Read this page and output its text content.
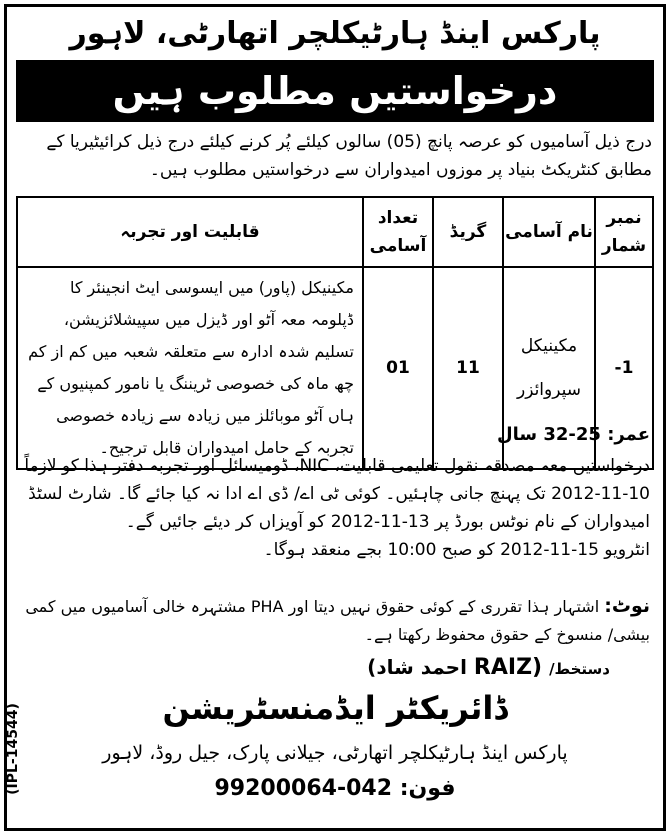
پارکس اینڈ ہارٹیکلچر اتھارٹی، لاہور
درخواستیں مطلوب ہیں
درج ذیل آسامیوں کو عرصہ پانچ (05) سالوں کیلئے پُر کرنے کیلئے درج ذیل کرائیٹیریا کے
مطابق کنٹریکٹ بنیاد پر موزوں امیدواران سے درخواستیں مطلوب ہیں۔
نمبر شمار	نام آسامی	گریڈ	تعداد آسامی	قابلیت اور تجربہ
1-	مکینیکل سپروائزر	11	01	مکینیکل (پاور) میں ایسوسی ایٹ انجینئر کا ڈپلومہ معہ آٹو اور ڈیزل میں سپیشلائزیشن، تسلیم شدہ ادارہ سے متعلقہ شعبہ میں کم از کم چھ ماہ کی خصوصی ٹریننگ یا نامور کمپنیوں کے ہاں آٹو موبائلز میں زیادہ سے زیادہ خصوصی تجربہ کے حامل امیدواران قابل ترجیح۔
عمر: 25-32 سال
درخواستیں معہ مصدقہ نقول تعلیمی قابلیت، NIC، ڈومیسائل اور تجربہ دفتر ہذا کو لازماً 10-11-2012 تک پہنچ جانی چاہئیں۔ کوئی ٹی اے/ ڈی اے ادا نہ کیا جائے گا۔ شارٹ لسٹڈ امیدواران کے نام نوٹس بورڈ پر 13-11-2012 کو آویزاں کر دیئے جائیں گے۔
انٹرویو 15-11-2012 کو صبح 10:00 بجے منعقد ہوگا۔
نوٹ: اشتہار ہذا تقرری کے کوئی حقوق نہیں دیتا اور PHA مشتہرہ خالی آسامیوں میں کمی بیشی/ منسوخ کے حقوق محفوظ رکھتا ہے۔
دستخط/ (RAIZ احمد شاد)
ڈائریکٹر ایڈمنسٹریشن
پارکس اینڈ ہارٹیکلچر اتھارٹی، جیلانی پارک، جیل روڈ، لاہور
فون: 042-99200064
(IPL-14544)
